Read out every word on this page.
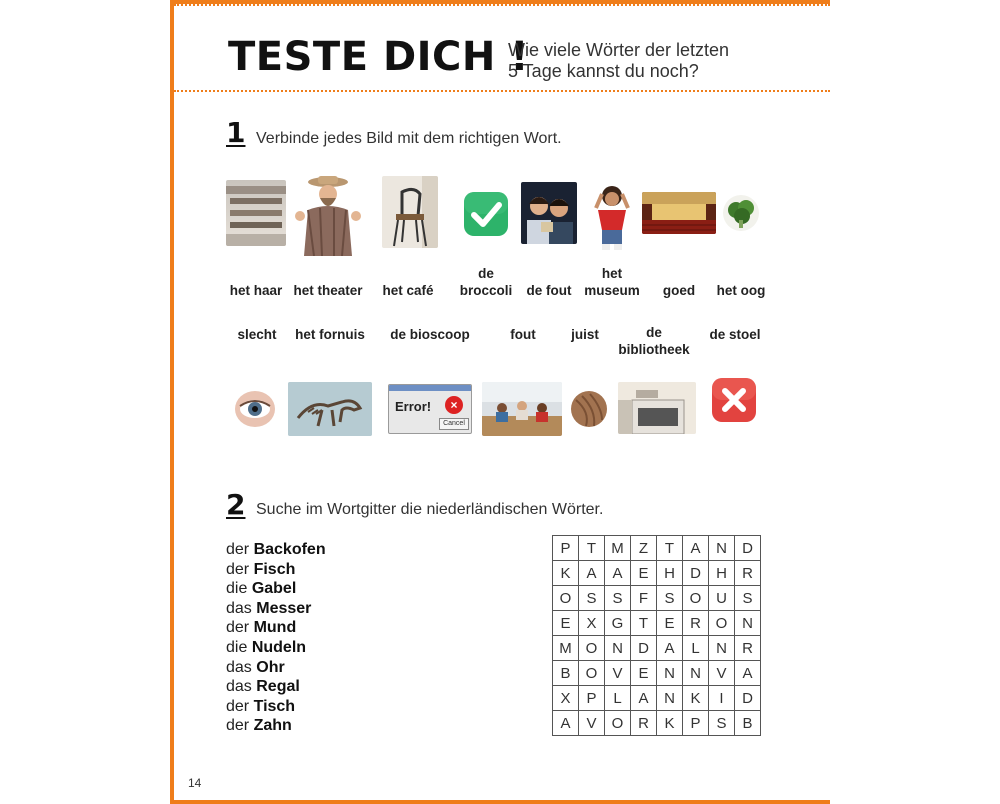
TESTE DICH !
Wie viele Wörter der letzten
5 Tage kannst du noch?
1 Verbinde jedes Bild mit dem richtigen Wort.
het haar het theater	het café
de
broccoli	de fout
het
museum	goed	het oog
slecht	het fornuis	de bioscoop	fout	juist	de
bibliotheek
de stoel
Error!	×
Cancel
2 Suche im Wortgitter die niederländischen Wörter.
der Backofen
der Fisch
die Gabel
das Messer
der Mund
die Nudeln
das Ohr
das Regal
der Tisch
der Zahn
P	T	M	Z	T	A	N	D
K	A	A	E	H	D	H	R
O	S	S	F	S	O	U	S
E	X	G	T	E	R	O	N
M	O	N	D	A	L	N	R
B	O	V	E	N	N	V	A
X	P	L	A	N	K	I	D
A	V	O	R	K	P	S	B
14
